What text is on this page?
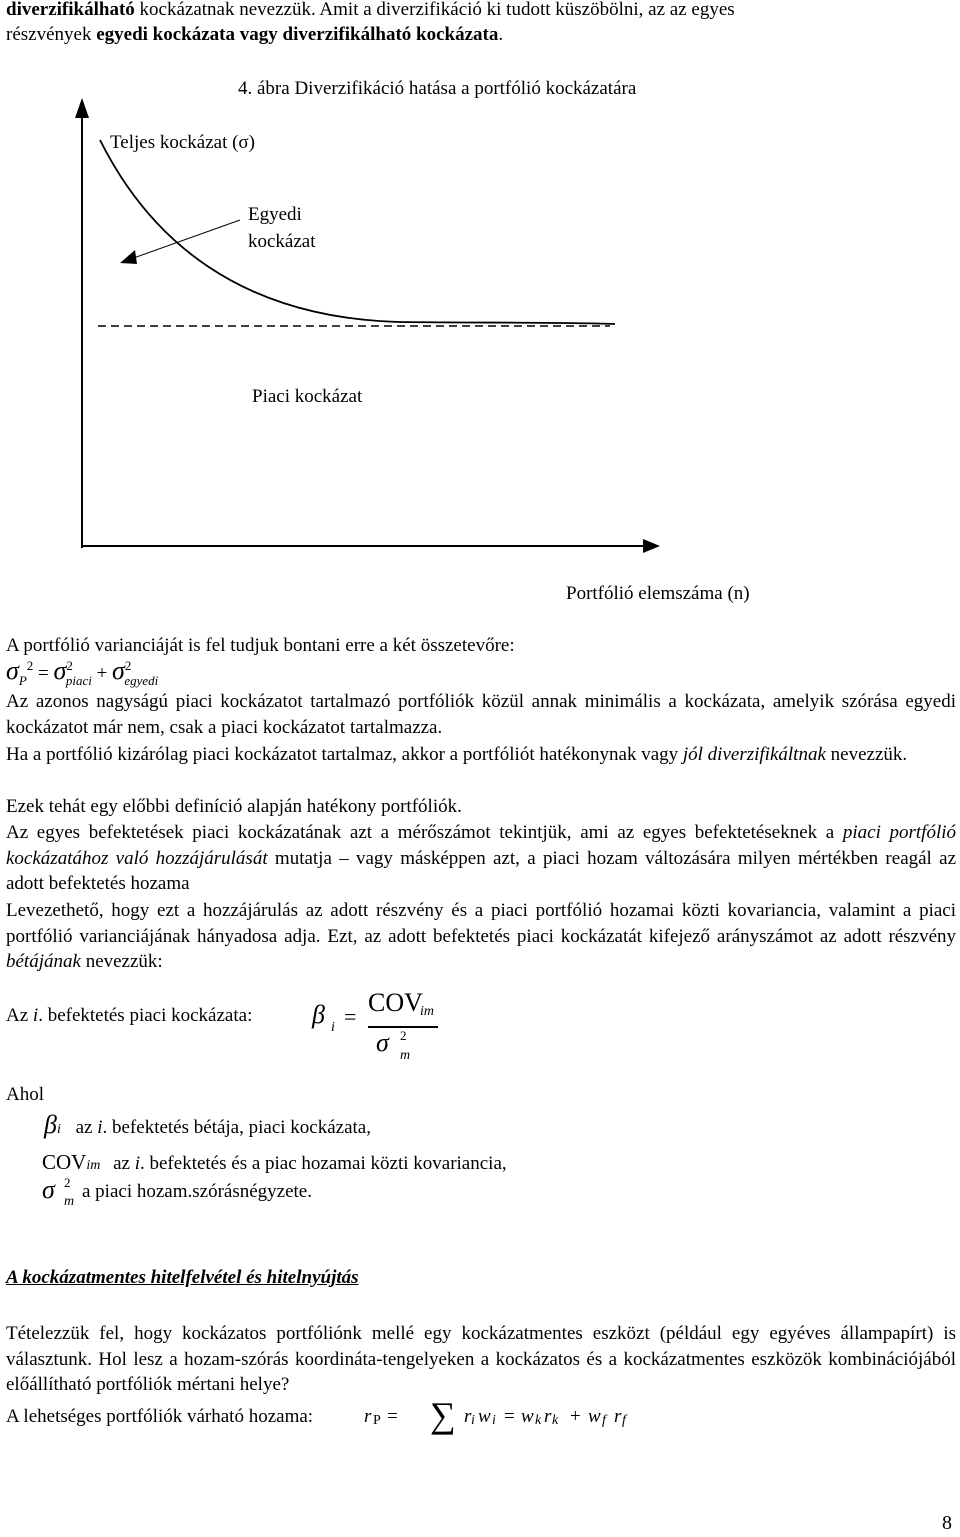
diverzifikálható kockázatnak nevezzük. Amit a diverzifikáció ki tudott küszöbölni, az az egyes

részvények egyedi kockázata vagy diverzifikálható kockázata.

4. ábra Diverzifikáció hatása a portfólió kockázatára

Teljes kockázat (σ)

Egyedi

kockázat

Piaci kockázat

Portfólió elemszáma (n)

A portfólió varianciáját is fel tudjuk bontani erre a két összetevőre:

$\sigma_P^2 = \sigma^2_{piaci} + \sigma^2_{egyedi}$

Az azonos nagyságú piaci kockázatot tartalmazó portfóliók közül annak minimális a kockázata, amelyik szórása egyedi kockázatot már nem, csak a piaci kockázatot tartalmazza.

Ha a portfólió kizárólag piaci kockázatot tartalmaz, akkor a portfóliót hatékonynak vagy jól diverzifikáltnak nevezzük.

Ezek tehát egy előbbi definíció alapján hatékony portfóliók.

Az egyes befektetések piaci kockázatának azt a mérőszámot tekintjük, ami az egyes befektetéseknek a piaci portfólió kockázatához való hozzájárulását mutatja – vagy másképpen azt, a piaci hozam változására milyen mértékben reagál az adott befektetés hozama

Levezethető, hogy ezt a hozzájárulás az adott részvény és a piaci portfólió hozamai közti kovariancia, valamint a piaci portfólió varianciájának hányadosa adja. Ezt, az adott befektetés piaci kockázatát kifejező arányszámot az adott részvény bétájának nevezzük:

Az i. befektetés piaci kockázata: β i = COV
im
σ 2
m

Ahol

βi az i. befektetés bétája, piaci kockázata,
COVim az i. befektetés és a piac hozamai közti kovariancia,
σ 2
m a piaci hozam.szórásnégyzete.

A kockázatmentes hitelfelvétel és hitelnyújtás

Tételezzük fel, hogy kockázatos portfóliónk mellé egy kockázatmentes eszközt (például egy egyéves állampapírt) is választunk. Hol lesz a hozam-szórás koordináta-tengelyeken a kockázatos és a kockázatmentes eszközök kombinációjából előállítható portfóliók mértani helye?

A lehetséges portfóliók várható hozama:	r P = ∑ r i w i = w k r k + w f r f

8
